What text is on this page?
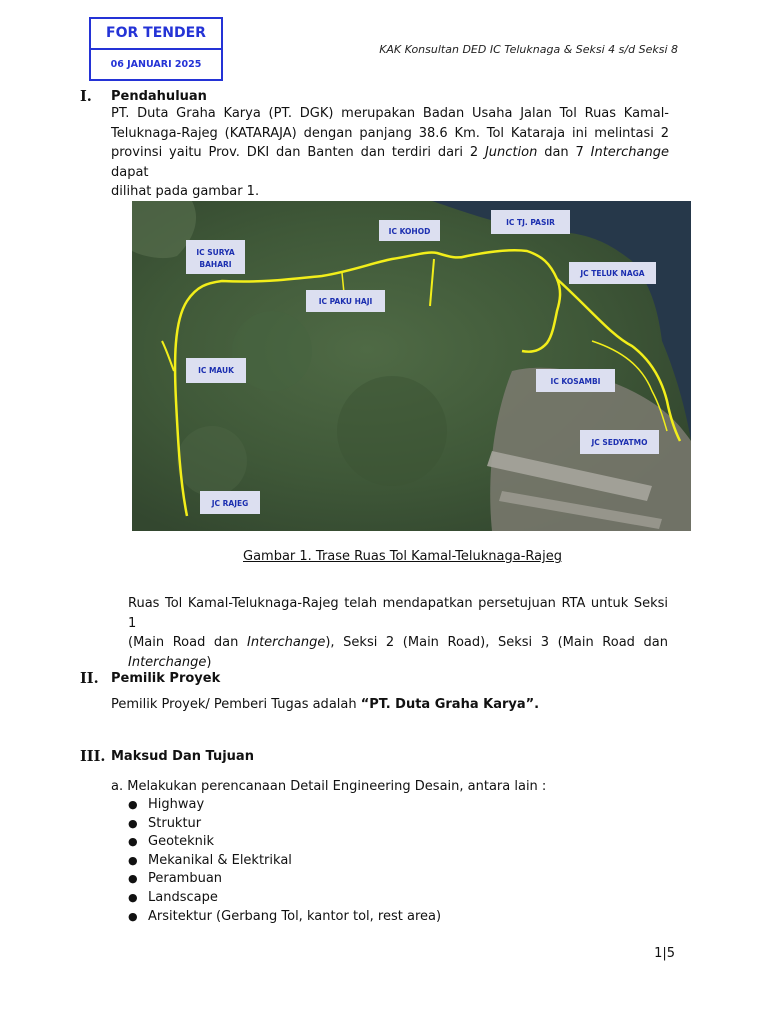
FOR TENDER
06 JANUARI 2025
KAK Konsultan DED IC Teluknaga & Seksi 4 s/d Seksi 8
I. Pendahuluan
PT. Duta Graha Karya (PT. DGK) merupakan Badan Usaha Jalan Tol Ruas Kamal-
Teluknaga-Rajeg (KATARAJA) dengan panjang 38.6 Km. Tol Kataraja ini melintasi 2
provinsi yaitu Prov. DKI dan Banten dan terdiri dari 2 Junction dan 7 Interchange dapat
dilihat pada gambar 1.
IC SURYA
BAHARI
IC KOHOD
IC TJ. PASIR
JC TELUK NAGA
IC PAKU HAJI
IC MAUK
IC KOSAMBI
JC SEDYATMO
JC RAJEG
Gambar 1. Trase Ruas Tol Kamal-Teluknaga-Rajeg
Ruas Tol Kamal-Teluknaga-Rajeg telah mendapatkan persetujuan RTA untuk Seksi 1
(Main Road dan Interchange), Seksi 2 (Main Road), Seksi 3 (Main Road dan
Interchange)
II. Pemilik Proyek
Pemilik Proyek/ Pemberi Tugas adalah “PT. Duta Graha Karya”.
III. Maksud Dan Tujuan
a. Melakukan perencanaan Detail Engineering Desain, antara lain :
● Highway
● Struktur
● Geoteknik
● Mekanikal & Elektrikal
● Perambuan
● Landscape
● Arsitektur (Gerbang Tol, kantor tol, rest area)
1|5
